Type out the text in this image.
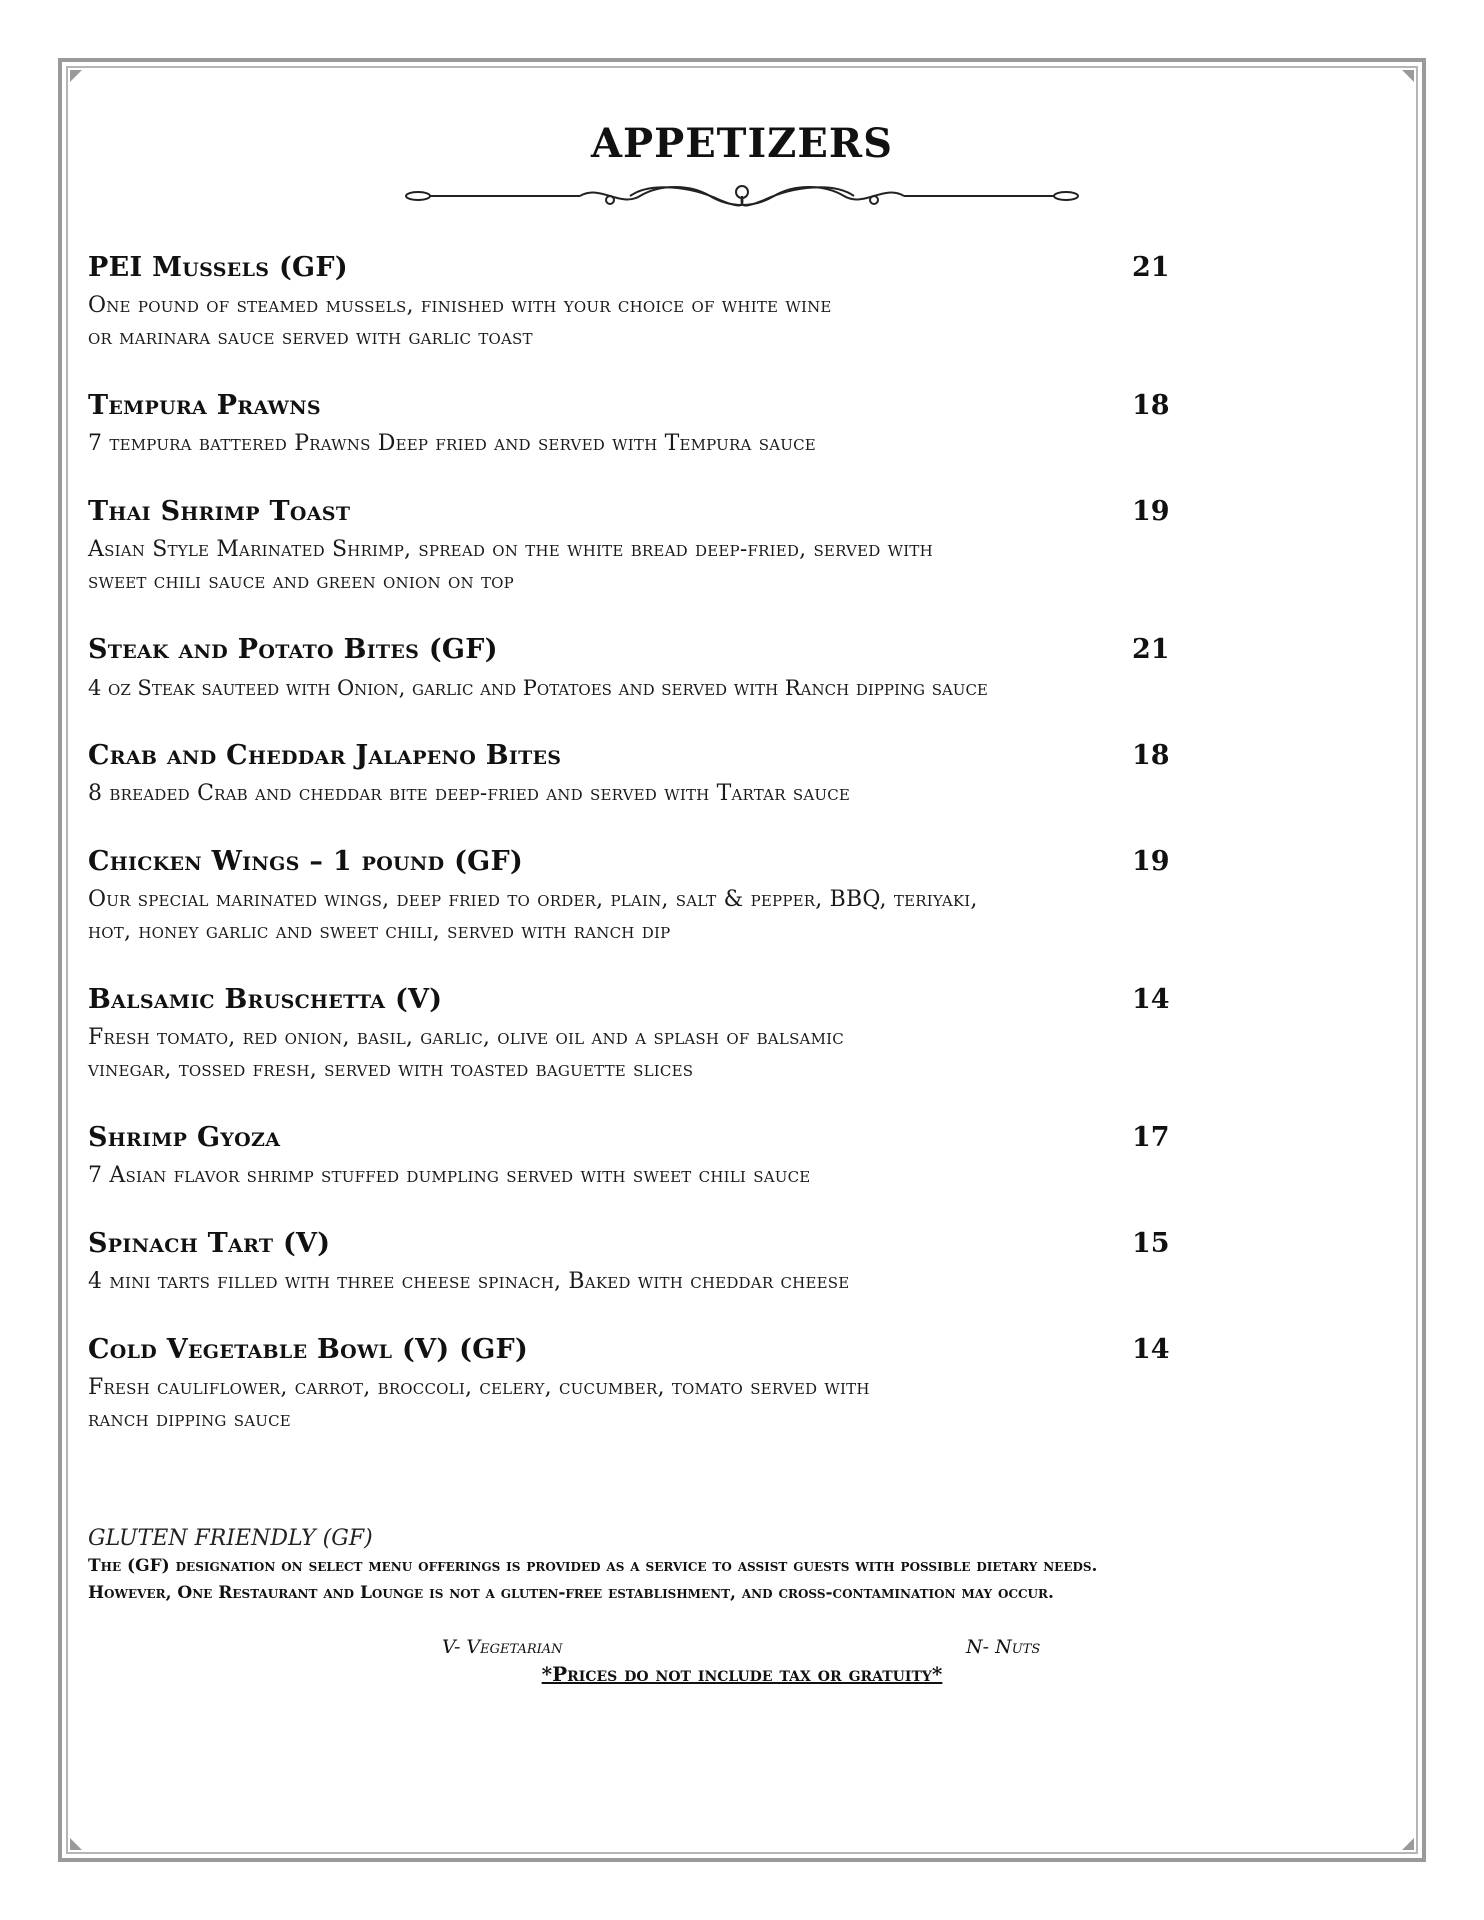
APPETIZERS
PEI Mussels (GF)	21
One pound of steamed mussels, finished with your choice of white wine
or marinara sauce served with garlic toast
Tempura Prawns	18
7 tempura battered Prawns Deep fried and served with Tempura sauce
Thai Shrimp Toast	19
Asian Style Marinated Shrimp, spread on the white bread deep-fried, served with
sweet chili sauce and green onion on top
Steak and Potato Bites (GF)	21
4 oz Steak sauteed with Onion, garlic and Potatoes and served with Ranch dipping sauce
Crab and Cheddar Jalapeno Bites	18
8 breaded Crab and cheddar bite deep-fried and served with Tartar sauce
Chicken Wings – 1 pound (GF)	19
Our special marinated wings, deep fried to order, plain, salt & pepper, BBQ, teriyaki,
hot, honey garlic and sweet chili, served with ranch dip
Balsamic Bruschetta (V)	14
Fresh tomato, red onion, basil, garlic, olive oil and a splash of balsamic
vinegar, tossed fresh, served with toasted baguette slices
Shrimp Gyoza	17
7 Asian flavor shrimp stuffed dumpling served with sweet chili sauce
Spinach Tart (V)	15
4 mini tarts filled with three cheese spinach, Baked with cheddar cheese
Cold Vegetable Bowl (V) (GF)	14
Fresh cauliflower, carrot, broccoli, celery, cucumber, tomato served with
ranch dipping sauce
GLUTEN FRIENDLY (GF)
The (GF) designation on select menu offerings is provided as a service to assist guests with possible dietary needs.
However, One Restaurant and Lounge is not a gluten-free establishment, and cross-contamination may occur.
V- Vegetarian	N- Nuts
*Prices do not include tax or gratuity*
